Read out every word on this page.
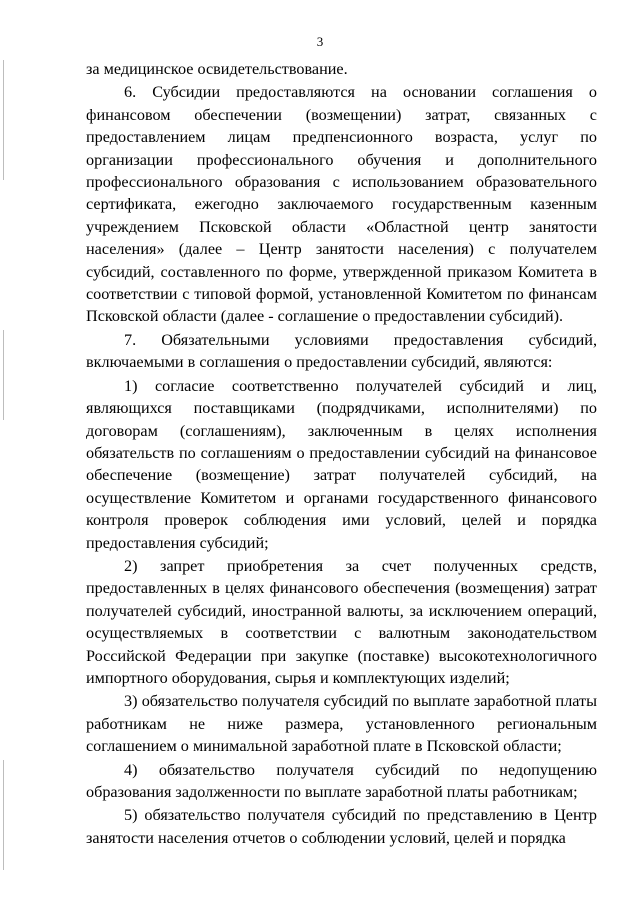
3

за медицинское освидетельствование.

6. Субсидии предоставляются на основании соглашения о финансовом обеспечении (возмещении) затрат, связанных с предоставлением лицам предпенсионного возраста, услуг по организации профессионального обучения и дополнительного профессионального образования с использованием образовательного сертификата, ежегодно заключаемого государственным казенным учреждением Псковской области «Областной центр занятости населения» (далее – Центр занятости населения) с получателем субсидий, составленного по форме, утвержденной приказом Комитета в соответствии с типовой формой, установленной Комитетом по финансам Псковской области (далее - соглашение о предоставлении субсидий).

7. Обязательными условиями предоставления субсидий, включаемыми в соглашения о предоставлении субсидий, являются:

1) согласие соответственно получателей субсидий и лиц, являющихся поставщиками (подрядчиками, исполнителями) по договорам (соглашениям), заключенным в целях исполнения обязательств по соглашениям о предоставлении субсидий на финансовое обеспечение (возмещение) затрат получателей субсидий, на осуществление Комитетом и органами государственного финансового контроля проверок соблюдения ими условий, целей и порядка предоставления субсидий;

2) запрет приобретения за счет полученных средств, предоставленных в целях финансового обеспечения (возмещения) затрат получателей субсидий, иностранной валюты, за исключением операций, осуществляемых в соответствии с валютным законодательством Российской Федерации при закупке (поставке) высокотехнологичного импортного оборудования, сырья и комплектующих изделий;

3) обязательство получателя субсидий по выплате заработной платы работникам не ниже размера, установленного региональным соглашением о минимальной заработной плате в Псковской области;

4) обязательство получателя субсидий по недопущению образования задолженности по выплате заработной платы работникам;

5) обязательство получателя субсидий по представлению в Центр занятости населения отчетов о соблюдении условий, целей и порядка
